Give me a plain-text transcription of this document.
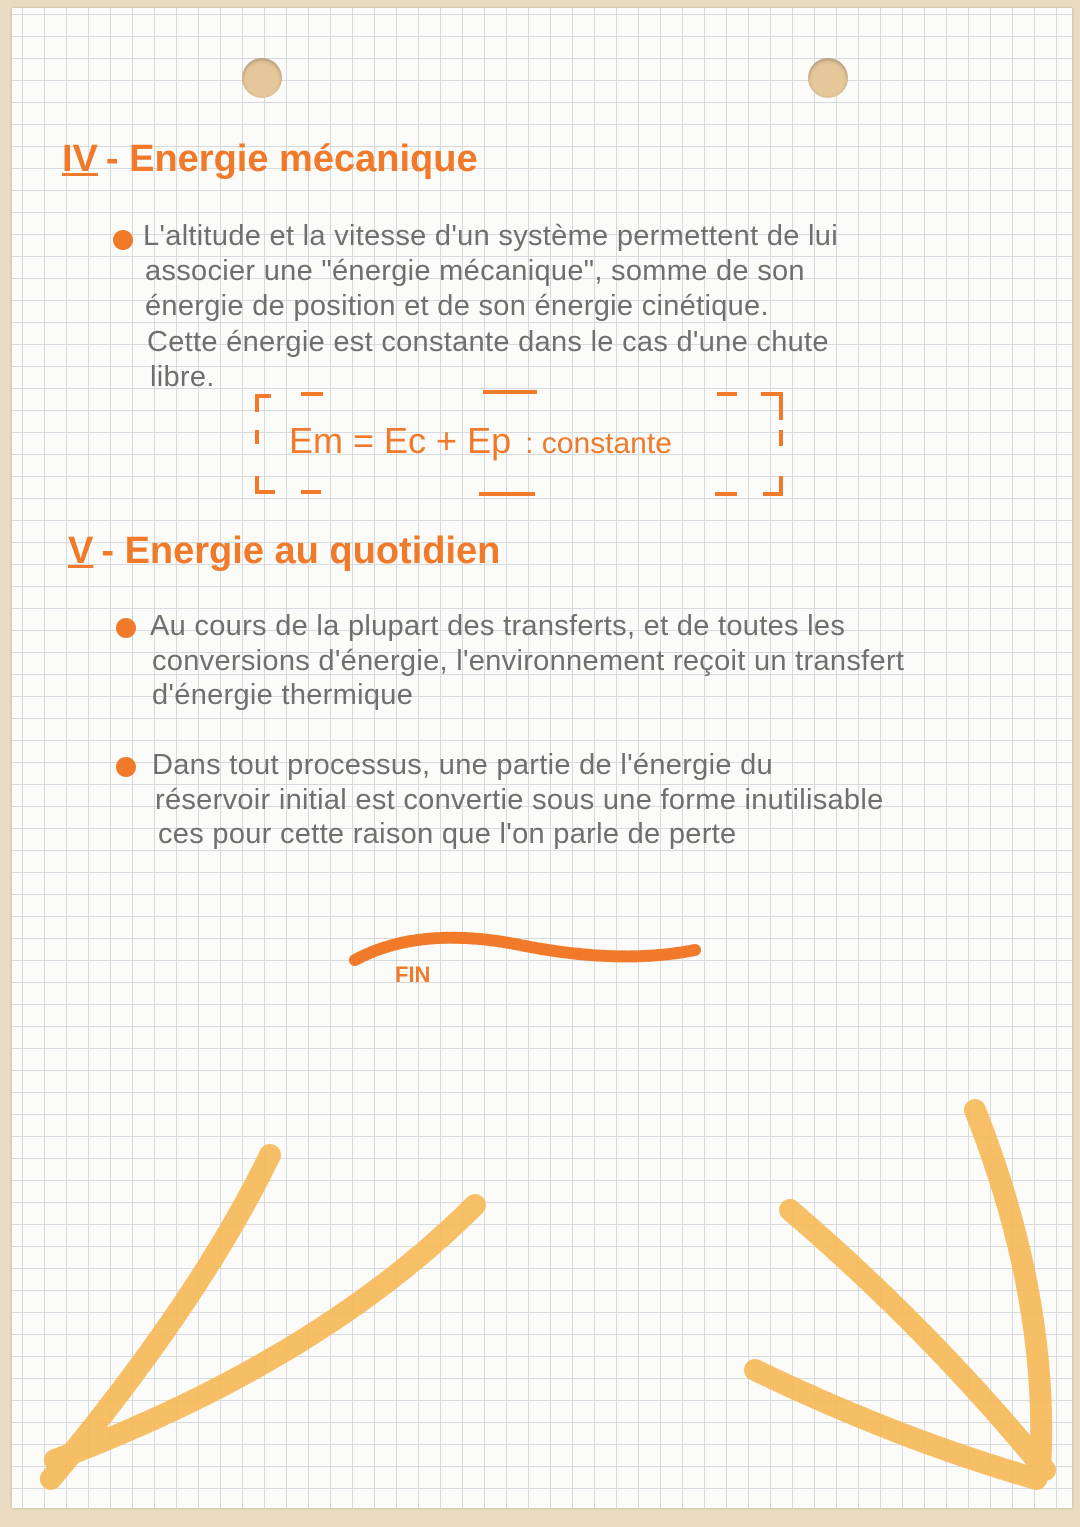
IV - Energie mécanique
L'altitude et la vitesse d'un système permettent de lui
associer une "énergie mécanique", somme de son
énergie de position et de son énergie cinétique.
Cette énergie est constante dans le cas d'une chute
libre.
Em = Ec + Ep : constante
V - Energie au quotidien
Au cours de la plupart des transferts, et de toutes les
conversions d'énergie, l'environnement reçoit un transfert
d'énergie thermique
Dans tout processus, une partie de l'énergie du
réservoir initial est convertie sous une forme inutilisable
ces pour cette raison que l'on parle de perte
FIN
